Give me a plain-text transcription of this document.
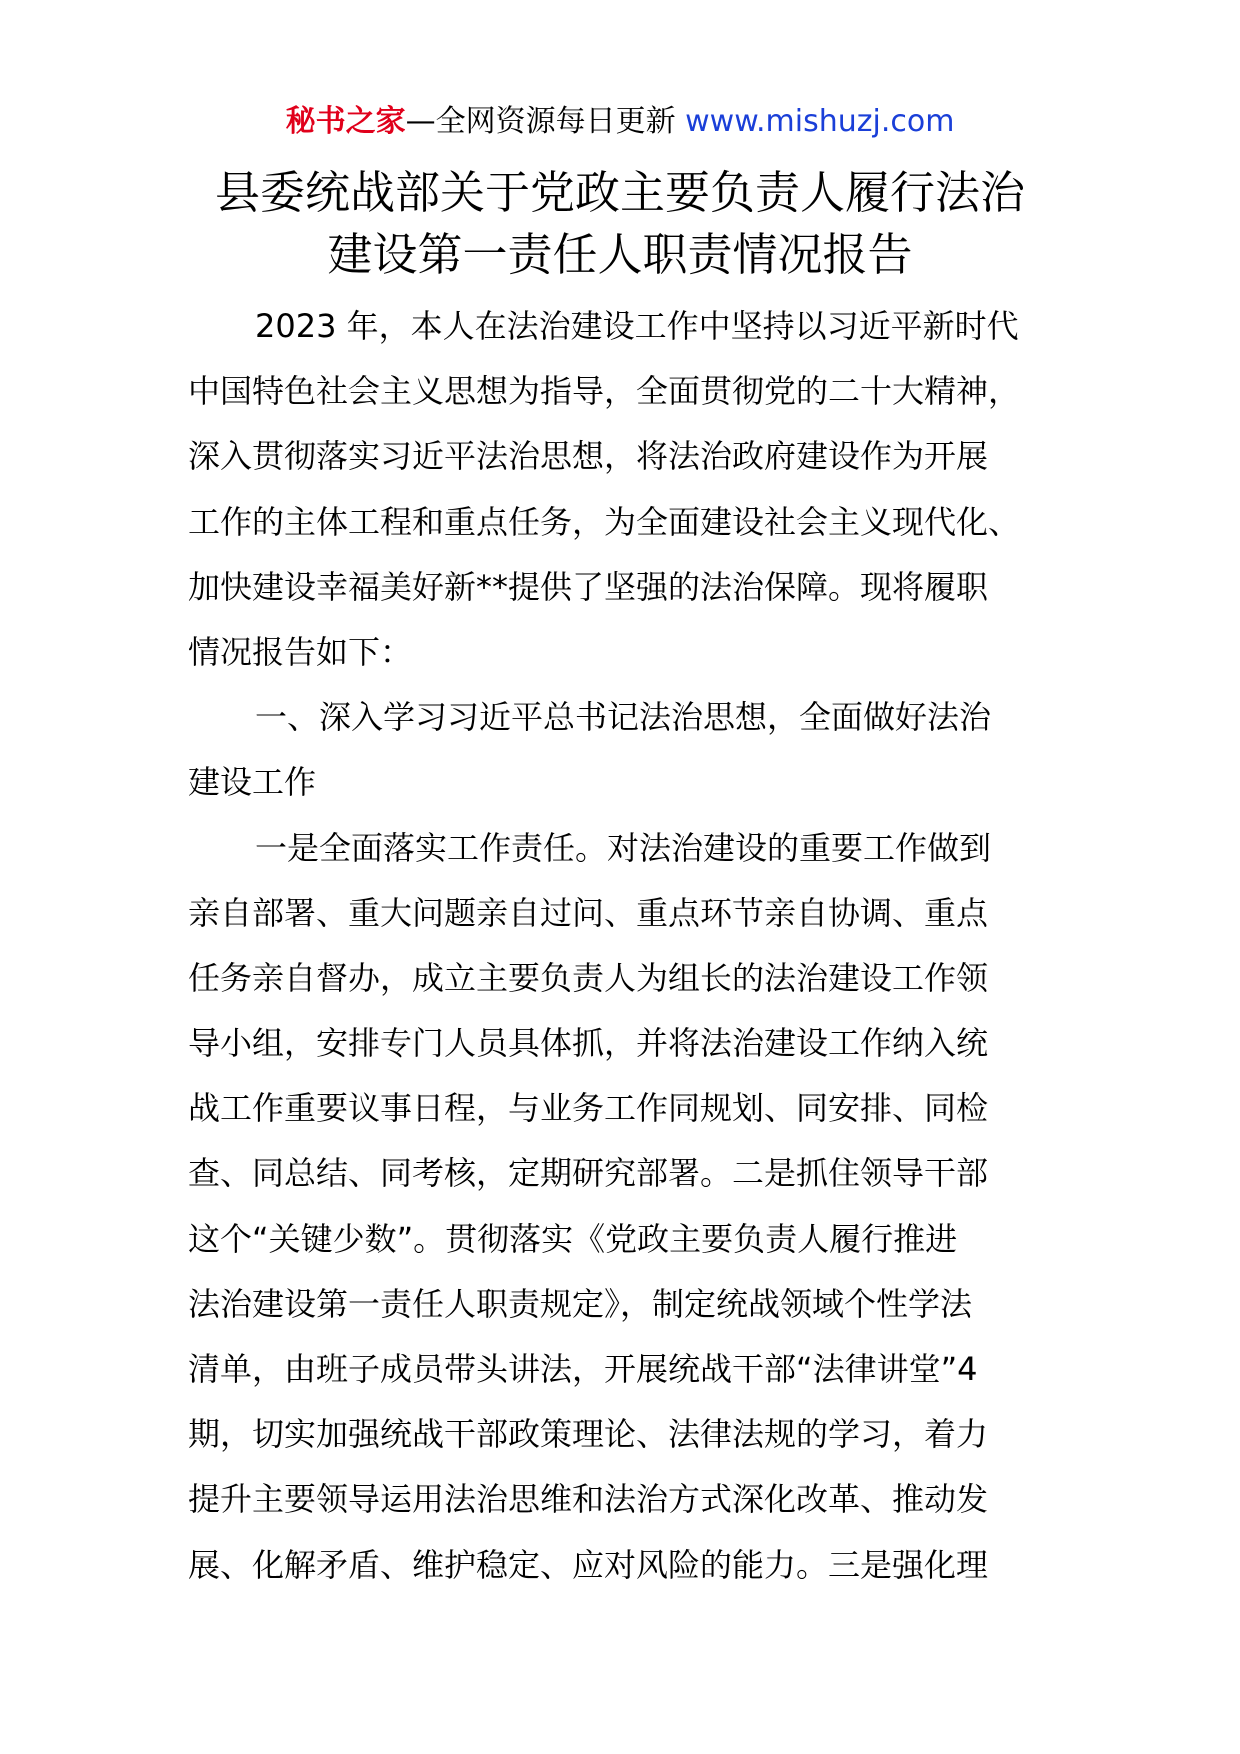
秘书之家—全网资源每日更新 www.mishuzj.com
县委统战部关于党政主要负责人履行法治
建设第一责任人职责情况报告
2023 年，本人在法治建设工作中坚持以习近平新时代
中国特色社会主义思想为指导，全面贯彻党的二十大精神，
深入贯彻落实习近平法治思想，将法治政府建设作为开展
工作的主体工程和重点任务，为全面建设社会主义现代化、
加快建设幸福美好新**提供了坚强的法治保障。现将履职
情况报告如下：
一、深入学习习近平总书记法治思想，全面做好法治
建设工作
一是全面落实工作责任。对法治建设的重要工作做到
亲自部署、重大问题亲自过问、重点环节亲自协调、重点
任务亲自督办，成立主要负责人为组长的法治建设工作领
导小组，安排专门人员具体抓，并将法治建设工作纳入统
战工作重要议事日程，与业务工作同规划、同安排、同检
查、同总结、同考核，定期研究部署。二是抓住领导干部
这个“关键少数”。贯彻落实《党政主要负责人履行推进
法治建设第一责任人职责规定》，制定统战领域个性学法
清单，由班子成员带头讲法，开展统战干部“法律讲堂”4
期，切实加强统战干部政策理论、法律法规的学习，着力
提升主要领导运用法治思维和法治方式深化改革、推动发
展、化解矛盾、维护稳定、应对风险的能力。三是强化理
